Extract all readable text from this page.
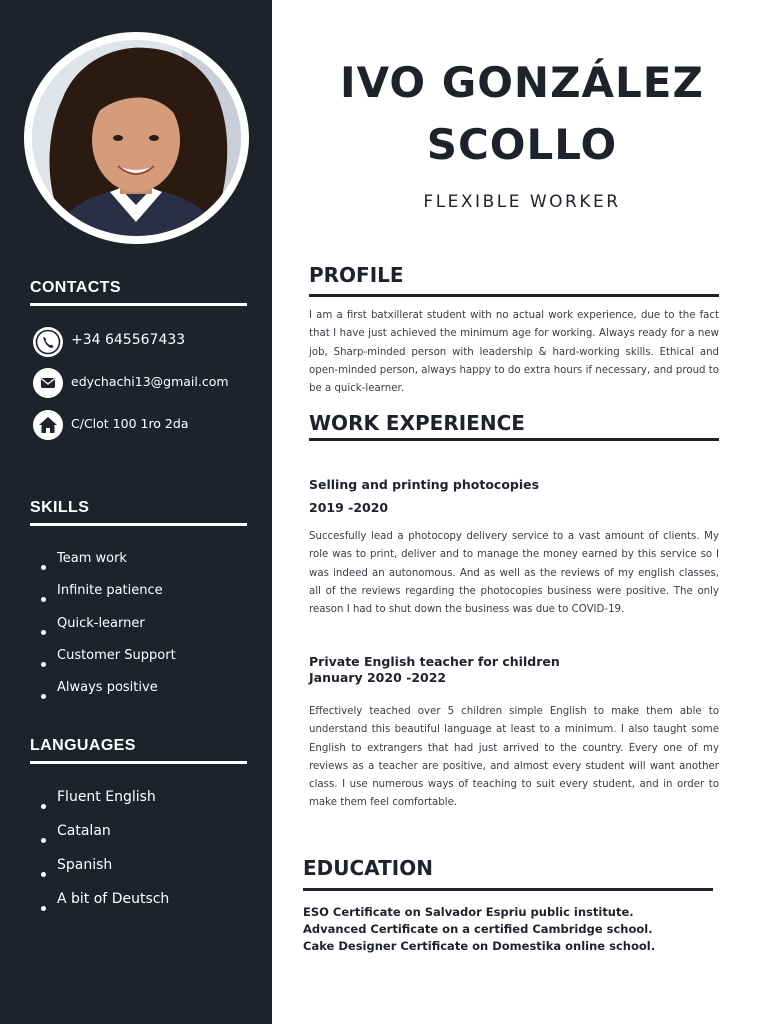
CONTACTS
+34 645567433
edychachi13@gmail.com
C/Clot 100 1ro 2da
SKILLS
Team work
Infinite patience
Quick-learner
Customer Support
Always positive
LANGUAGES
Fluent English
Catalan
Spanish
A bit of Deutsch
IVO GONZÁLEZ
SCOLLO
FLEXIBLE WORKER
PROFILE

I am a first batxillerat student with no actual work experience, due to the fact that I have just achieved the minimum age for working. Always ready for a new job, Sharp-minded person with leadership & hard-working skills. Ethical and open-minded person, always happy to do extra hours if necessary, and proud to be a quick-learner.

WORK EXPERIENCE
Selling and printing photocopies
2019 -2020

Succesfully lead a photocopy delivery service to a vast amount of clients. My role was to print, deliver and to manage the money earned by this service so I was indeed an autonomous. And as well as the reviews of my english classes, all of the reviews regarding the photocopies business were positive. The only reason I had to shut down the business was due to COVID-19.

Private English teacher for children
January 2020 -2022

Effectively teached over 5 children simple English to make them able to understand this beautiful language at least to a minimum. I also taught some English to extrangers that had just arrived to the country. Every one of my reviews as a teacher are positive, and almost every student will want another class. I use numerous ways of teaching to suit every student, and in order to make them feel comfortable.

EDUCATION
ESO Certificate on Salvador Espriu public institute.
Advanced Certificate on a certified Cambridge school.
Cake Designer Certificate on Domestika online school.
